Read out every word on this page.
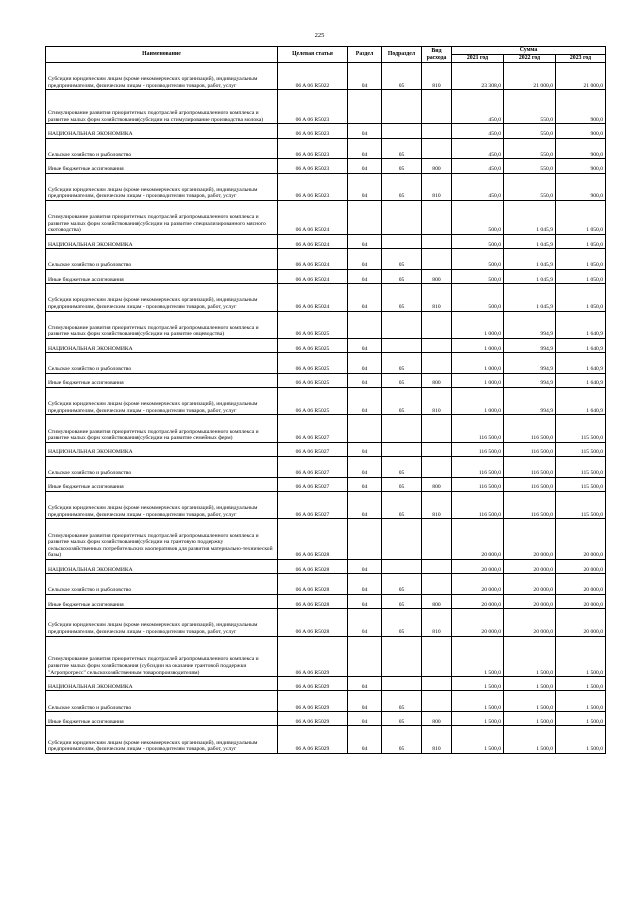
225
Наименование	Целевая статья	Раздел	Подраздел	Вид расхода	Сумма		
					2021 год	2022 год	2023 год
Субсидии юридическим лицам (кроме некоммерческих организаций), индивидуальным предпринимателям, физическим лицам - производителям товаров, работ, услуг	06 A 06 R5022	04	05	810	23 308,0	21 000,0	21 000,0
Стимулирование развития приоритетных подотраслей агропромышленного комплекса и развитие малых форм хозяйствования(субсидии на стимулирование производства молока)	06 A 06 R5023				450,0	550,0	900,0
НАЦИОНАЛЬНАЯ ЭКОНОМИКА	06 A 06 R5023	04			450,0	550,0	900,0
Сельское хозяйство и рыболовство	06 A 06 R5023	04	05		450,0	550,0	900,0
Иные бюджетные ассигнования	06 A 06 R5023	04	05	800	450,0	550,0	900,0
Субсидии юридическим лицам (кроме некоммерческих организаций), индивидуальным предпринимателям, физическим лицам - производителям товаров, работ, услуг	06 A 06 R5023	04	05	810	450,0	550,0	900,0
Стимулирование развития приоритетных подотраслей агропромышленного комплекса и развитие малых форм хозяйствования(субсидии на развитие специализированного мясного скотоводства)	06 A 06 R5024				500,0	1 045,9	1 050,0
НАЦИОНАЛЬНАЯ ЭКОНОМИКА	06 A 06 R5024	04			500,0	1 045,9	1 050,0
Сельское хозяйство и рыболовство	06 A 06 R5024	04	05		500,0	1 045,9	1 050,0
Иные бюджетные ассигнования	06 A 06 R5024	04	05	800	500,0	1 045,9	1 050,0
Субсидии юридическим лицам (кроме некоммерческих организаций), индивидуальным предпринимателям, физическим лицам - производителям товаров, работ, услуг	06 A 06 R5024	04	05	810	500,0	1 045,9	1 050,0
Стимулирование развития приоритетных подотраслей агропромышленного комплекса и развитие малых форм хозяйствования(субсидии на развитие овцеводства)	06 A 06 R5025				1 000,0	994,9	1 640,9
НАЦИОНАЛЬНАЯ ЭКОНОМИКА	06 A 06 R5025	04			1 000,0	994,9	1 640,9
Сельское хозяйство и рыболовство	06 A 06 R5025	04	05		1 000,0	994,9	1 640,9
Иные бюджетные ассигнования	06 A 06 R5025	04	05	800	1 000,0	994,9	1 640,9
Субсидии юридическим лицам (кроме некоммерческих организаций), индивидуальным предпринимателям, физическим лицам - производителям товаров, работ, услуг	06 A 06 R5025	04	05	810	1 000,0	994,9	1 640,9
Стимулирование развития приоритетных подотраслей агропромышленного комплекса и развитие малых форм хозяйствования(субсидии на развитие семейных ферм)	06 A 06 R5027				116 500,0	116 500,0	115 500,0
НАЦИОНАЛЬНАЯ ЭКОНОМИКА	06 A 06 R5027	04			116 500,0	116 500,0	115 500,0
Сельское хозяйство и рыболовство	06 A 06 R5027	04	05		116 500,0	116 500,0	115 500,0
Иные бюджетные ассигнования	06 A 06 R5027	04	05	800	116 500,0	116 500,0	115 500,0
Субсидии юридическим лицам (кроме некоммерческих организаций), индивидуальным предпринимателям, физическим лицам - производителям товаров, работ, услуг	06 A 06 R5027	04	05	810	116 500,0	116 500,0	115 500,0
Стимулирование развития приоритетных подотраслей агропромышленного комплекса и развитие малых форм хозяйствования(субсидии на грантовую поддержку сельскохозяйственных потребительских кооперативов для развития материально-технической базы)	06 A 06 R5028				20 000,0	20 000,0	20 000,0
НАЦИОНАЛЬНАЯ ЭКОНОМИКА	06 A 06 R5028	04			20 000,0	20 000,0	20 000,0
Сельское хозяйство и рыболовство	06 A 06 R5028	04	05		20 000,0	20 000,0	20 000,0
Иные бюджетные ассигнования	06 A 06 R5028	04	05	800	20 000,0	20 000,0	20 000,0
Субсидии юридическим лицам (кроме некоммерческих организаций), индивидуальным предпринимателям, физическим лицам - производителям товаров, работ, услуг	06 A 06 R5028	04	05	810	20 000,0	20 000,0	20 000,0
Стимулирование развития приоритетных подотраслей агропромышленного комплекса и развитие малых форм хозяйствования (субсидии на оказание грантовой поддержки "Агропрогресс" сельскохозяйственным товаропроизводителям)	06 A 06 R5029				1 500,0	1 500,0	1 500,0
НАЦИОНАЛЬНАЯ ЭКОНОМИКА	06 A 06 R5029	04			1 500,0	1 500,0	1 500,0
Сельское хозяйство и рыболовство	06 A 06 R5029	04	05		1 500,0	1 500,0	1 500,0
Иные бюджетные ассигнования	06 A 06 R5029	04	05	800	1 500,0	1 500,0	1 500,0
Субсидии юридическим лицам (кроме некоммерческих организаций), индивидуальным предпринимателям, физическим лицам - производителям товаров, работ, услуг	06 A 06 R5029	04	05	810	1 500,0	1 500,0	1 500,0
